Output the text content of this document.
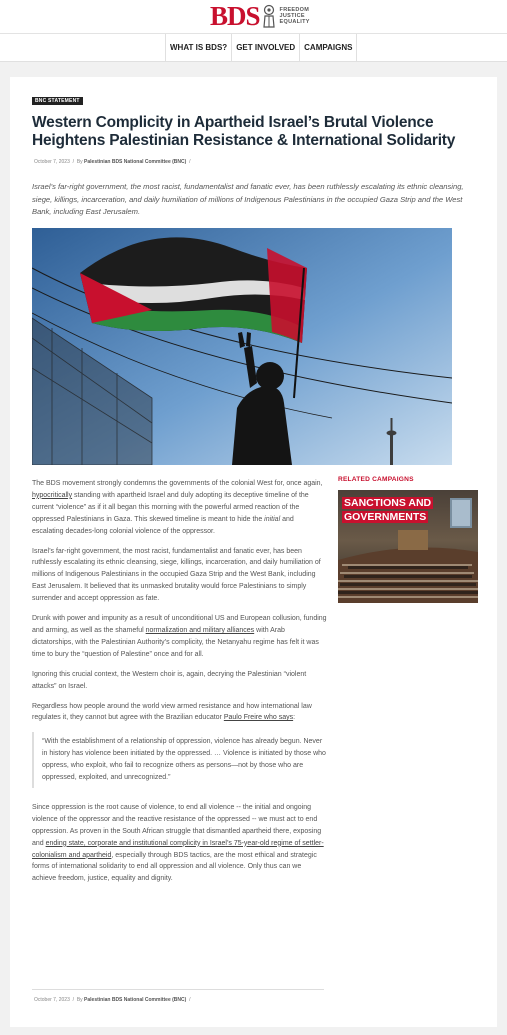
BDS	FREEDOM
JUSTICE
EQUALITY
WHAT IS BDS?	GET INVOLVED	CAMPAIGNS
BNC STATEMENT
Western Complicity in Apartheid Israel’s Brutal Violence Heightens Palestinian Resistance & International Solidarity
October 7, 2023  /  By Palestinian BDS National Committee (BNC)  /

Israel’s far-right government, the most racist, fundamentalist and fanatic ever, has been ruthlessly escalating its ethnic cleansing, siege, killings, incarceration, and daily humiliation of millions of Indigenous Palestinians in the occupied Gaza Strip and the West Bank, including East Jerusalem.

The BDS movement strongly condemns the governments of the colonial West for, once again, hypocritically standing with apartheid Israel and duly adopting its deceptive timeline of the current “violence” as if it all began this morning with the powerful armed reaction of the oppressed Palestinians in Gaza. This skewed timeline is meant to hide the initial and escalating decades-long colonial violence of the oppressor.

Israel’s far-right government, the most racist, fundamentalist and fanatic ever, has been ruthlessly escalating its ethnic cleansing, siege, killings, incarceration, and daily humiliation of millions of Indigenous Palestinians in the occupied Gaza Strip and the West Bank, including East Jerusalem. It believed that its unmasked brutality would force Palestinians to simply surrender and accept oppression as fate.

Drunk with power and impunity as a result of unconditional US and European collusion, funding and arming, as well as the shameful normalization and military alliances with Arab dictatorships, with the Palestinian Authority’s complicity, the Netanyahu regime has felt it was time to bury the “question of Palestine” once and for all.

Ignoring this crucial context, the Western choir is, again, decrying the Palestinian “violent attacks” on Israel.

Regardless how people around the world view armed resistance and how international law regulates it, they cannot but agree with the Brazilian educator Paulo Freire who says:

“With the establishment of a relationship of oppression, violence has already begun. Never in history has violence been initiated by the oppressed. … Violence is initiated by those who oppress, who exploit, who fail to recognize others as persons—not by those who are oppressed, exploited, and unrecognized.”

Since oppression is the root cause of violence, to end all violence -- the initial and ongoing violence of the oppressor and the reactive resistance of the oppressed -- we must act to end oppression. As proven in the South African struggle that dismantled apartheid there, exposing and ending state, corporate and institutional complicity in Israel’s 75-year-old regime of settler-colonialism and apartheid, especially through BDS tactics, are the most ethical and strategic forms of international solidarity to end all oppression and all violence. Only thus can we achieve freedom, justice, equality and dignity.

October 7, 2023  /  By Palestinian BDS National Committee (BNC)  /
RELATED CAMPAIGNS
SANCTIONS AND GOVERNMENTS
